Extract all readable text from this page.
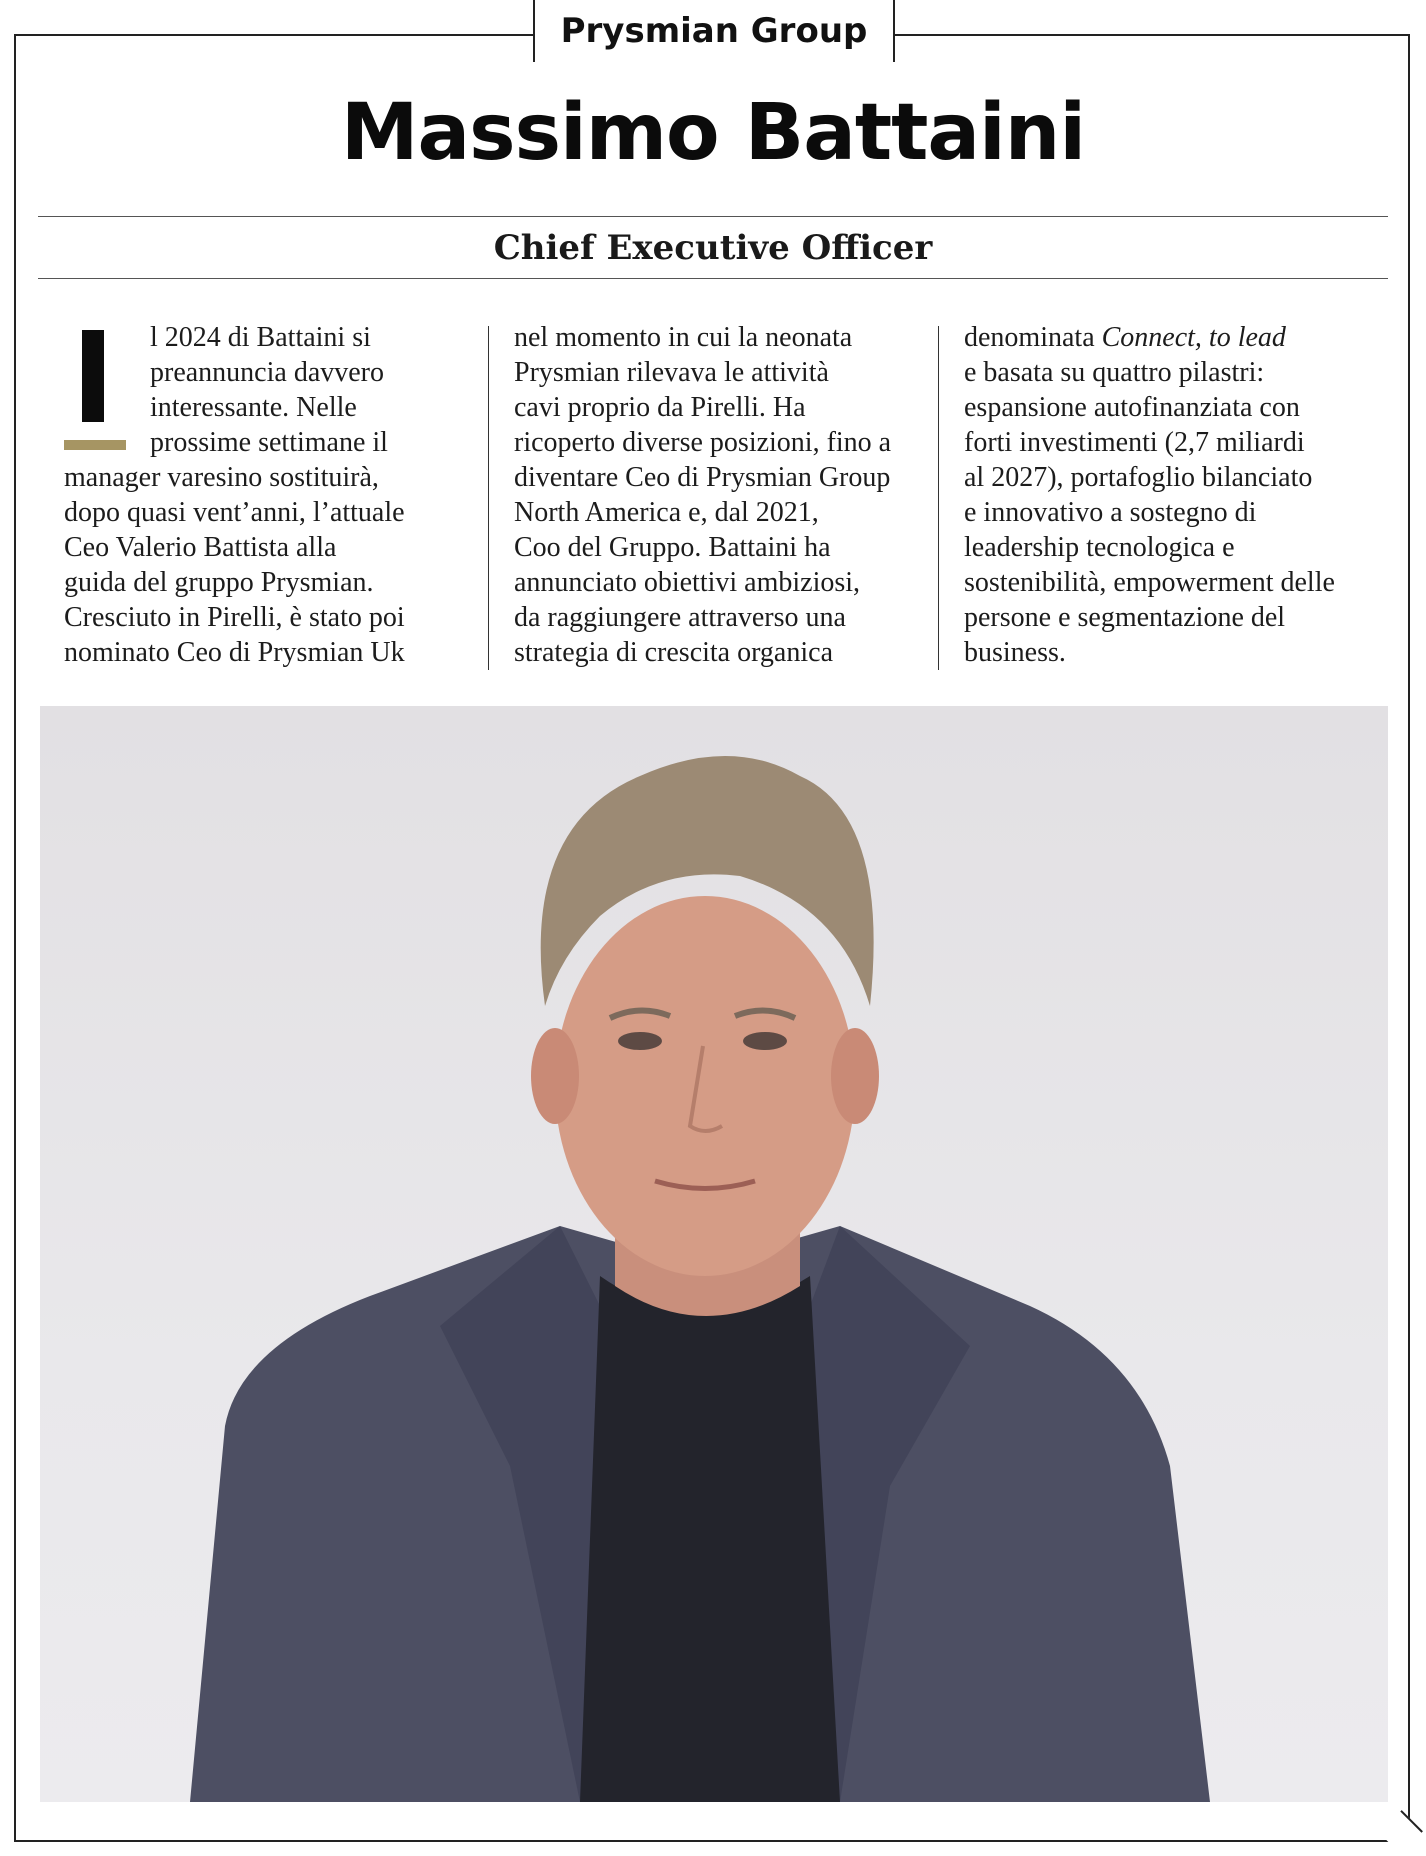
Prysmian Group
Massimo Battaini
Chief Executive Officer
l 2024 di Battaini si
preannuncia davvero
interessante. Nelle
prossime settimane il
manager varesino sostituirà,
dopo quasi vent’anni, l’attuale
Ceo Valerio Battista alla
guida del gruppo Prysmian.
Cresciuto in Pirelli, è stato poi
nominato Ceo di Prysmian Uk
nel momento in cui la neonata
Prysmian rilevava le attività
cavi proprio da Pirelli. Ha
ricoperto diverse posizioni, fino a
diventare Ceo di Prysmian Group
North America e, dal 2021,
Coo del Gruppo. Battaini ha
annunciato obiettivi ambiziosi,
da raggiungere attraverso una
strategia di crescita organica
denominata Connect, to lead
e basata su quattro pilastri:
espansione autofinanziata con
forti investimenti (2,7 miliardi
al 2027), portafoglio bilanciato
e innovativo a sostegno di
leadership tecnologica e
sostenibilità, empowerment delle
persone e segmentazione del
business.
